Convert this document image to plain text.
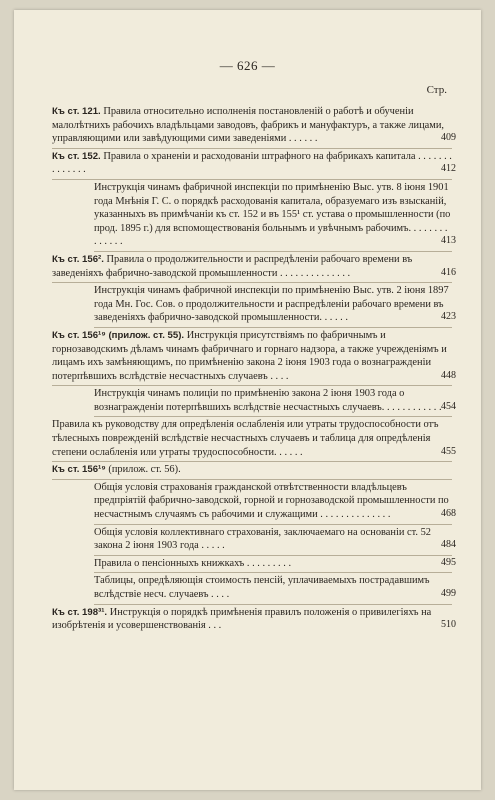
— 626 —
Стр.
Къ ст. 121. Правила относительно исполненія постановленій о работѣ и обученіи малолѣтнихъ рабочихъ владѣльцами заводовъ, фабрикъ и мануфактуръ, а также лицами, управляющими или завѣдующими сими заведеніями . . . . . .	409
Къ ст. 152. Правила о храненіи и расходованіи штрафного на фабрикахъ капитала . . . . . . . . . . . . . .	412
Инструкція чинамъ фабричной инспекціи по примѣненію Выс. утв. 8 іюня 1901 года Мнѣнія Г. С. о порядкѣ расходованія капитала, образуемаго изъ взысканій, указанныхъ въ примѣчаніи къ ст. 152 и въ 155¹ ст. устава о промышленности (по прод. 1895 г.) для вспомоществованія больнымъ и увѣчнымъ рабочимъ. . . . . . . . . . . . . .	413
Къ ст. 156². Правила о продолжительности и распредѣленіи рабочаго времени въ заведеніяхъ фабрично-заводской промышленности . . . . . . . . . . . . . .	416
Инструкція чинамъ фабричной инспекціи по примѣненію Выс. утв. 2 іюня 1897 года Мн. Гос. Сов. о продолжительности и распредѣленіи рабочаго времени въ заведеніяхъ фабрично-заводской промышленности. . . . . .	423
Къ ст. 156¹⁹ (прилож. ст. 55). Инструкція присутствіямъ по фабричнымъ и горнозаводскимъ дѣламъ чинамъ фабричнаго и горнаго надзора, а также учрежденіямъ и лицамъ ихъ замѣняющимъ, по примѣненію закона 2 іюня 1903 года о вознагражденіи потерпѣвшихъ вслѣдствіе несчастныхъ случаевъ . . . .	448
Инструкція чинамъ полиціи по примѣненію закона 2 іюня 1903 года о вознагражденіи потерпѣвшихъ вслѣдствіе несчастныхъ случаевъ. . . . . . . . . . . . 454
Правила къ руководству для опредѣленія ослабленія или утраты трудоспособности отъ тѣлесныхъ поврежденій вслѣдствіе несчастныхъ случаевъ и таблица для опредѣленія степени ослабленія или утраты трудоспособности. . . . . .	455
Къ ст. 156¹⁹ (прилож. ст. 56).
Общія условія страхованія гражданской отвѣтственности владѣльцевъ предпріятій фабрично-заводской, горной и горнозаводской промышленности по несчастнымъ случаямъ съ рабочими и служащими . . . . . . . . . . . . . .	468
Общія условія коллективнаго страхованія, заключаемаго на основаніи ст. 52 закона 2 іюня 1903 года . . . . .	484
Правила о пенсіонныхъ книжкахъ . . . . . . . . .	495
Таблицы, опредѣляющія стоимость пенсій, уплачиваемыхъ пострадавшимъ вслѣдствіе несч. случаевъ . . . .	499
Къ ст. 198³¹. Инструкція о порядкѣ примѣненія правилъ положенія о привилегіяхъ на изобрѣтенія и усовершенствованія . . .	510
